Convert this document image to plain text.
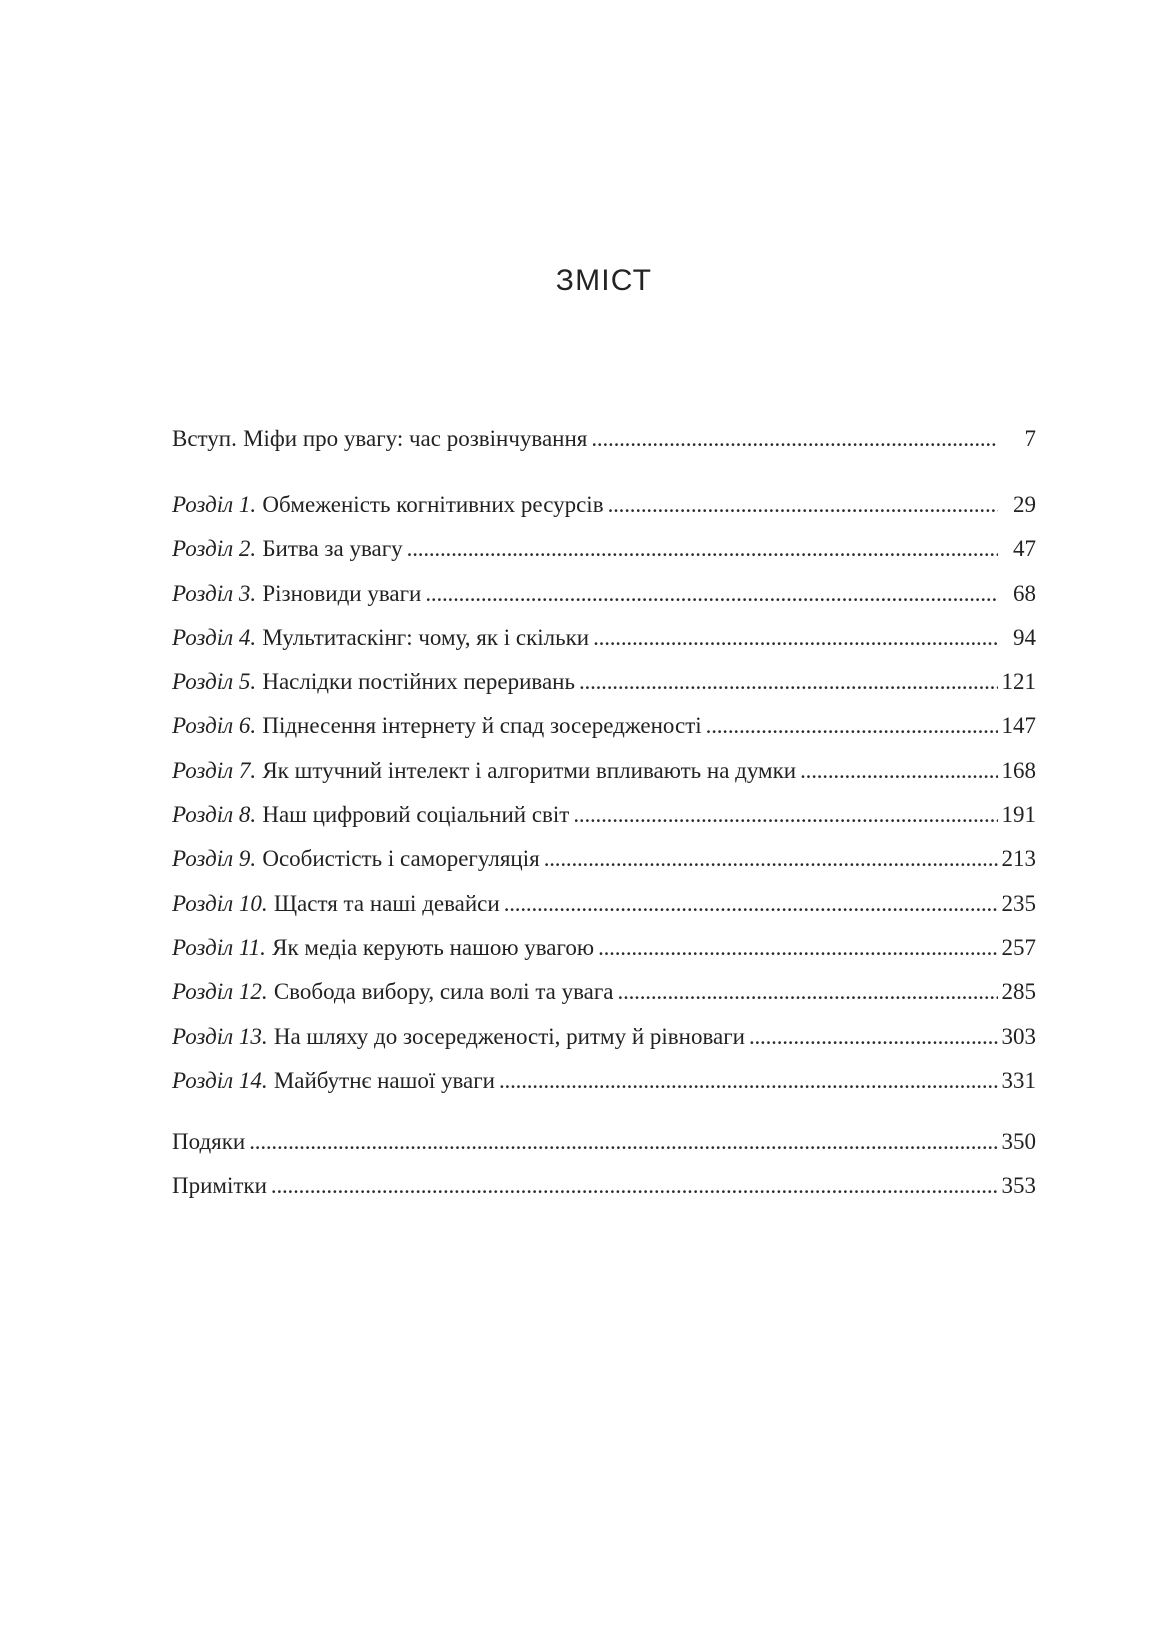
ЗМІСТ
Вступ. Міфи про увагу: час розвінчування .....	7
Розділ 1. Обмеженість когнітивних ресурсів .....	29
Розділ 2. Битва за увагу .....	47
Розділ 3. Різновиди уваги .....	68
Розділ 4. Мультитаскінг: чому, як і скільки .....	94
Розділ 5. Наслідки постійних переривань .....	121
Розділ 6. Піднесення інтернету й спад зосередженості .....	147
Розділ 7. Як штучний інтелект і алгоритми впливають на думки .....	168
Розділ 8. Наш цифровий соціальний світ .....	191
Розділ 9. Особистість і саморегуляція .....	213
Розділ 10. Щастя та наші девайси .....	235
Розділ 11. Як медіа керують нашою увагою .....	257
Розділ 12. Свобода вибору, сила волі та увага .....	285
Розділ 13. На шляху до зосередженості, ритму й рівноваги .....	303
Розділ 14. Майбутнє нашої уваги .....	331
Подяки .....	350
Примітки .....	353
